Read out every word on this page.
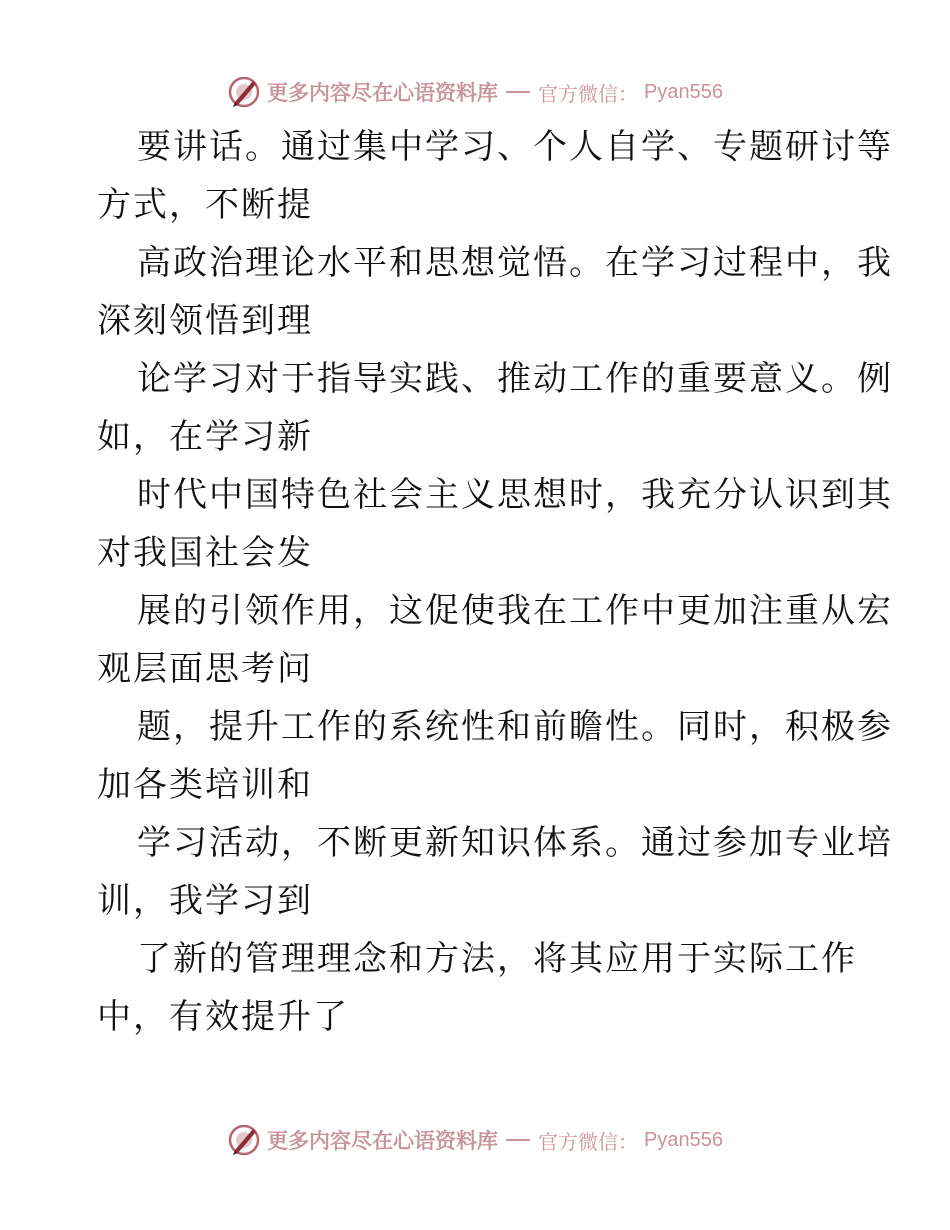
更多内容尽在心语资料库 官方微信： Pyan556
要讲话。通过集中学习、个人自学、专题研讨等
方式，不断提
高政治理论水平和思想觉悟。在学习过程中，我
深刻领悟到理
论学习对于指导实践、推动工作的重要意义。例
如，在学习新
时代中国特色社会主义思想时，我充分认识到其
对我国社会发
展的引领作用，这促使我在工作中更加注重从宏
观层面思考问
题，提升工作的系统性和前瞻性。同时，积极参
加各类培训和
学习活动，不断更新知识体系。通过参加专业培
训，我学习到
了新的管理理念和方法，将其应用于实际工作
中，有效提升了
更多内容尽在心语资料库 官方微信： Pyan556
